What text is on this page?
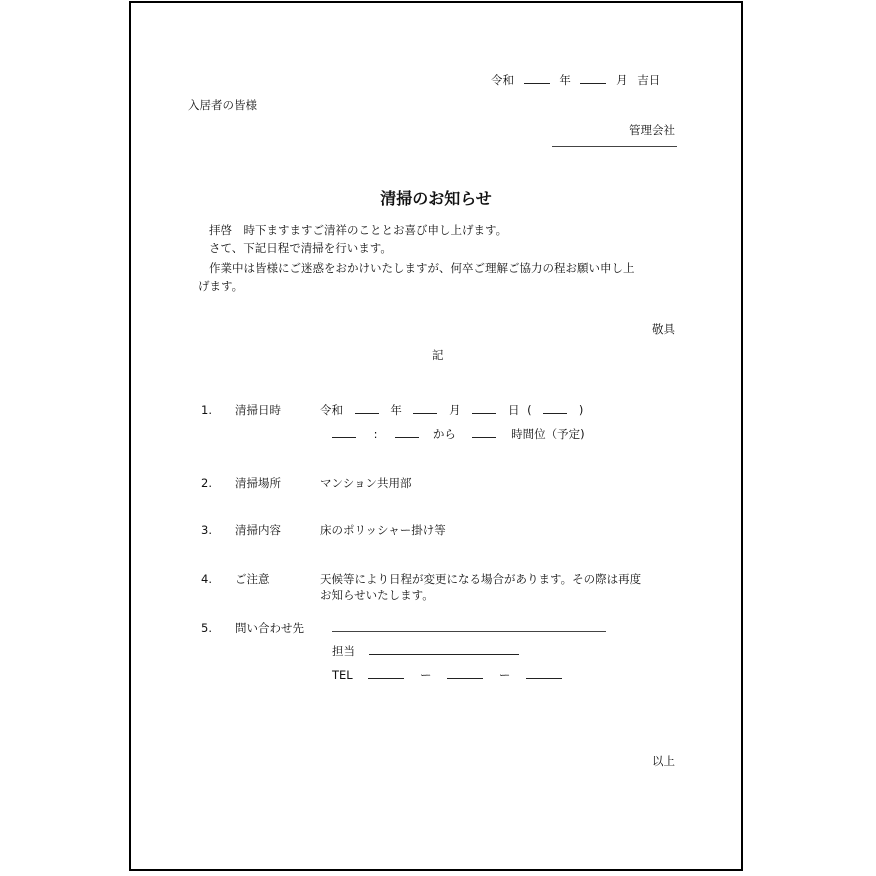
令和	年	月 吉日
入居者の皆様
管理会社
清掃のお知らせ
拝啓　時下ますますご清祥のこととお喜び申し上げます。
さて、下記日程で清掃を行います。
作業中は皆様にご迷惑をおかけいたしますが、何卒ご理解ご協力の程お願い申し上
げます。
敬具
記
1. 清掃日時	令和	年	月	日 (	)
:	から	時間位（予定)
2. 清掃場所	マンション共用部
3. 清掃内容	床のポリッシャー掛け等
4. ご注意	天候等により日程が変更になる場合があります。その際は再度
お知らせいたします。
5. 問い合わせ先
担当
TEL	ー	ー
以上
